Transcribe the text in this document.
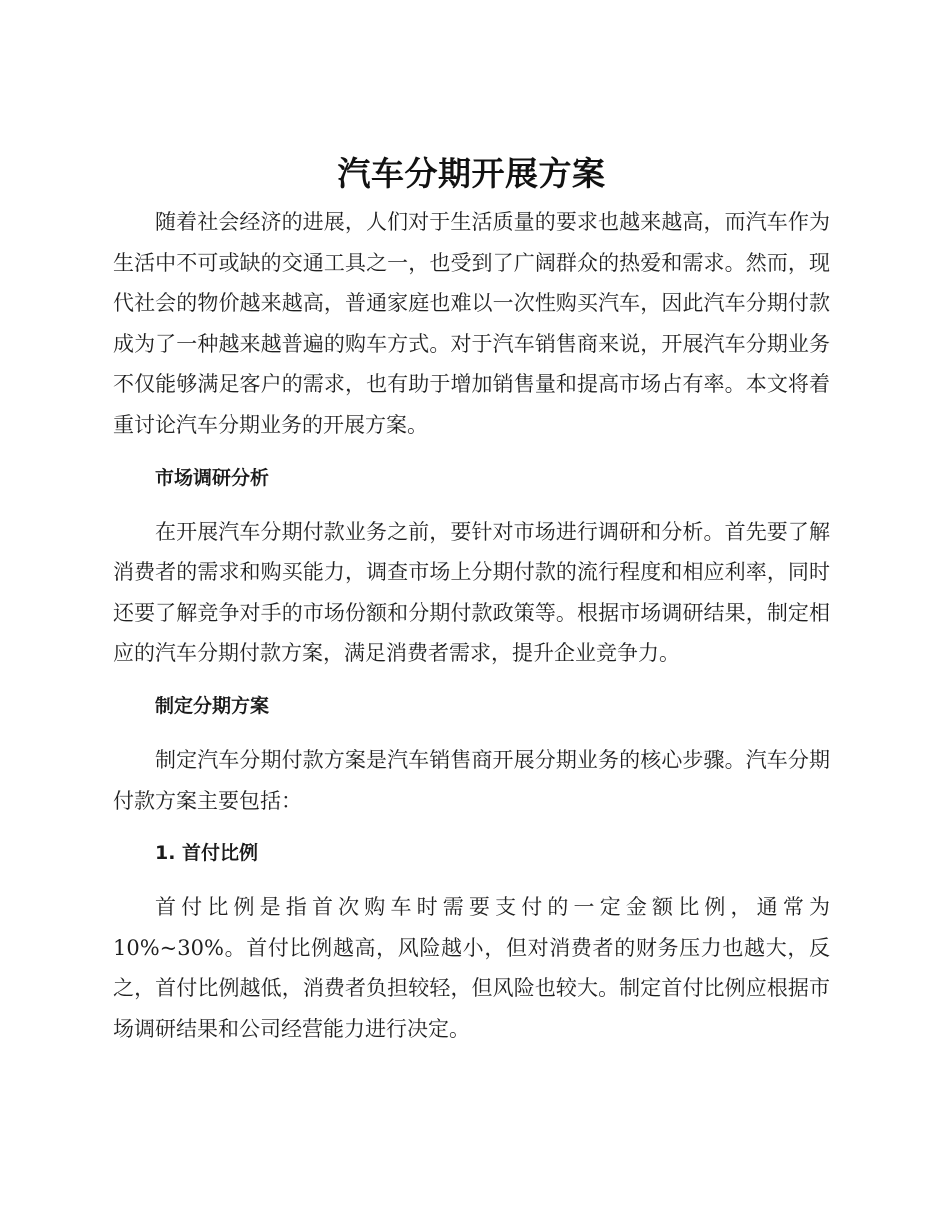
汽车分期开展方案

随着社会经济的进展，人们对于生活质量的要求也越来越高，而汽车作为生活中不可或缺的交通工具之一，也受到了广阔群众的热爱和需求。然而，现代社会的物价越来越高，普通家庭也难以一次性购买汽车，因此汽车分期付款成为了一种越来越普遍的购车方式。对于汽车销售商来说，开展汽车分期业务不仅能够满足客户的需求，也有助于增加销售量和提高市场占有率。本文将着重讨论汽车分期业务的开展方案。

市场调研分析

在开展汽车分期付款业务之前，要针对市场进行调研和分析。首先要了解消费者的需求和购买能力，调查市场上分期付款的流行程度和相应利率，同时还要了解竞争对手的市场份额和分期付款政策等。根据市场调研结果，制定相应的汽车分期付款方案，满足消费者需求，提升企业竞争力。

制定分期方案

制定汽车分期付款方案是汽车销售商开展分期业务的核心步骤。汽车分期付款方案主要包括：

1. 首付比例

首付比例是指首次购车时需要支付的一定金额比例，通常为10%~30%。首付比例越高，风险越小，但对消费者的财务压力也越大，反之，首付比例越低，消费者负担较轻，但风险也较大。制定首付比例应根据市场调研结果和公司经营能力进行决定。
